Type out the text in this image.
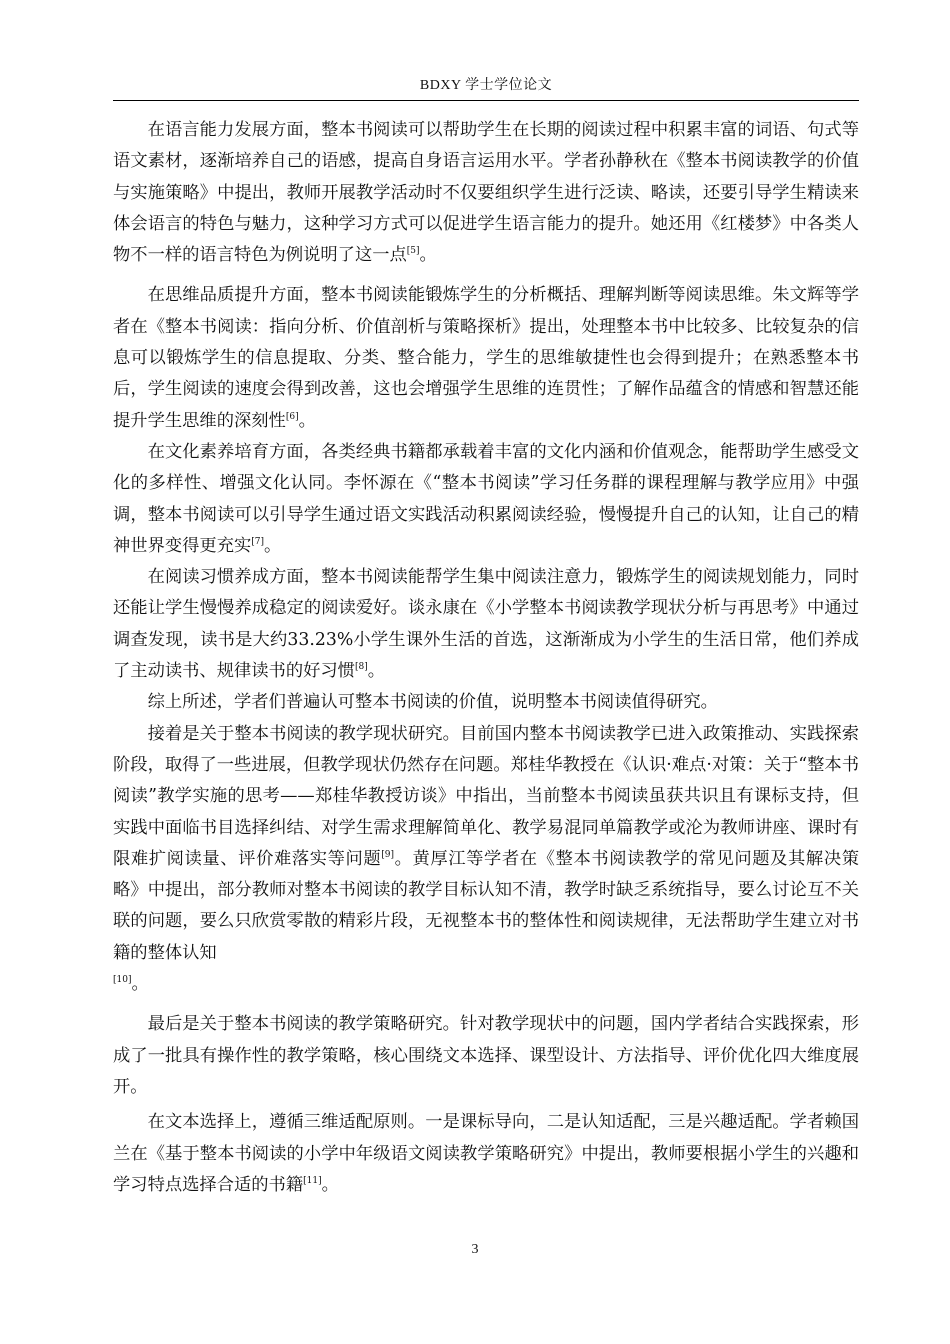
BDXY 学士学位论文

在语言能力发展方面，整本书阅读可以帮助学生在长期的阅读过程中积累丰富的词语、句式等语文素材，逐渐培养自己的语感，提高自身语言运用水平。学者孙静秋在《整本书阅读教学的价值与实施策略》中提出，教师开展教学活动时不仅要组织学生进行泛读、略读，还要引导学生精读来体会语言的特色与魅力，这种学习方式可以促进学生语言能力的提升。她还用《红楼梦》中各类人物不一样的语言特色为例说明了这一点[5]。

在思维品质提升方面，整本书阅读能锻炼学生的分析概括、理解判断等阅读思维。朱文辉等学者在《整本书阅读：指向分析、价值剖析与策略探析》提出，处理整本书中比较多、比较复杂的信息可以锻炼学生的信息提取、分类、整合能力，学生的思维敏捷性也会得到提升；在熟悉整本书后，学生阅读的速度会得到改善，这也会增强学生思维的连贯性；了解作品蕴含的情感和智慧还能提升学生思维的深刻性[6]。

在文化素养培育方面，各类经典书籍都承载着丰富的文化内涵和价值观念，能帮助学生感受文化的多样性、增强文化认同。李怀源在《“整本书阅读”学习任务群的课程理解与教学应用》中强调，整本书阅读可以引导学生通过语文实践活动积累阅读经验，慢慢提升自己的认知，让自己的精神世界变得更充实[7]。

在阅读习惯养成方面，整本书阅读能帮学生集中阅读注意力，锻炼学生的阅读规划能力，同时还能让学生慢慢养成稳定的阅读爱好。谈永康在《小学整本书阅读教学现状分析与再思考》中通过调查发现，读书是大约33.23%小学生课外生活的首选，这渐渐成为小学生的生活日常，他们养成了主动读书、规律读书的好习惯[8]。

综上所述，学者们普遍认可整本书阅读的价值，说明整本书阅读值得研究。

接着是关于整本书阅读的教学现状研究。目前国内整本书阅读教学已进入政策推动、实践探索阶段，取得了一些进展，但教学现状仍然存在问题。郑桂华教授在《认识·难点·对策：关于“整本书阅读”教学实施的思考——郑桂华教授访谈》中指出，当前整本书阅读虽获共识且有课标支持，但实践中面临书目选择纠结、对学生需求理解简单化、教学易混同单篇教学或沦为教师讲座、课时有限难扩阅读量、评价难落实等问题[9]。黄厚江等学者在《整本书阅读教学的常见问题及其解决策略》中提出，部分教师对整本书阅读的教学目标认知不清，教学时缺乏系统指导，要么讨论互不关联的问题，要么只欣赏零散的精彩片段，无视整本书的整体性和阅读规律，无法帮助学生建立对书籍的整体认知

[10]。

最后是关于整本书阅读的教学策略研究。针对教学现状中的问题，国内学者结合实践探索，形成了一批具有操作性的教学策略，核心围绕文本选择、课型设计、方法指导、评价优化四大维度展开。

在文本选择上，遵循三维适配原则。一是课标导向，二是认知适配，三是兴趣适配。学者赖国兰在《基于整本书阅读的小学中年级语文阅读教学策略研究》中提出，教师要根据小学生的兴趣和学习特点选择合适的书籍[11]。

3
